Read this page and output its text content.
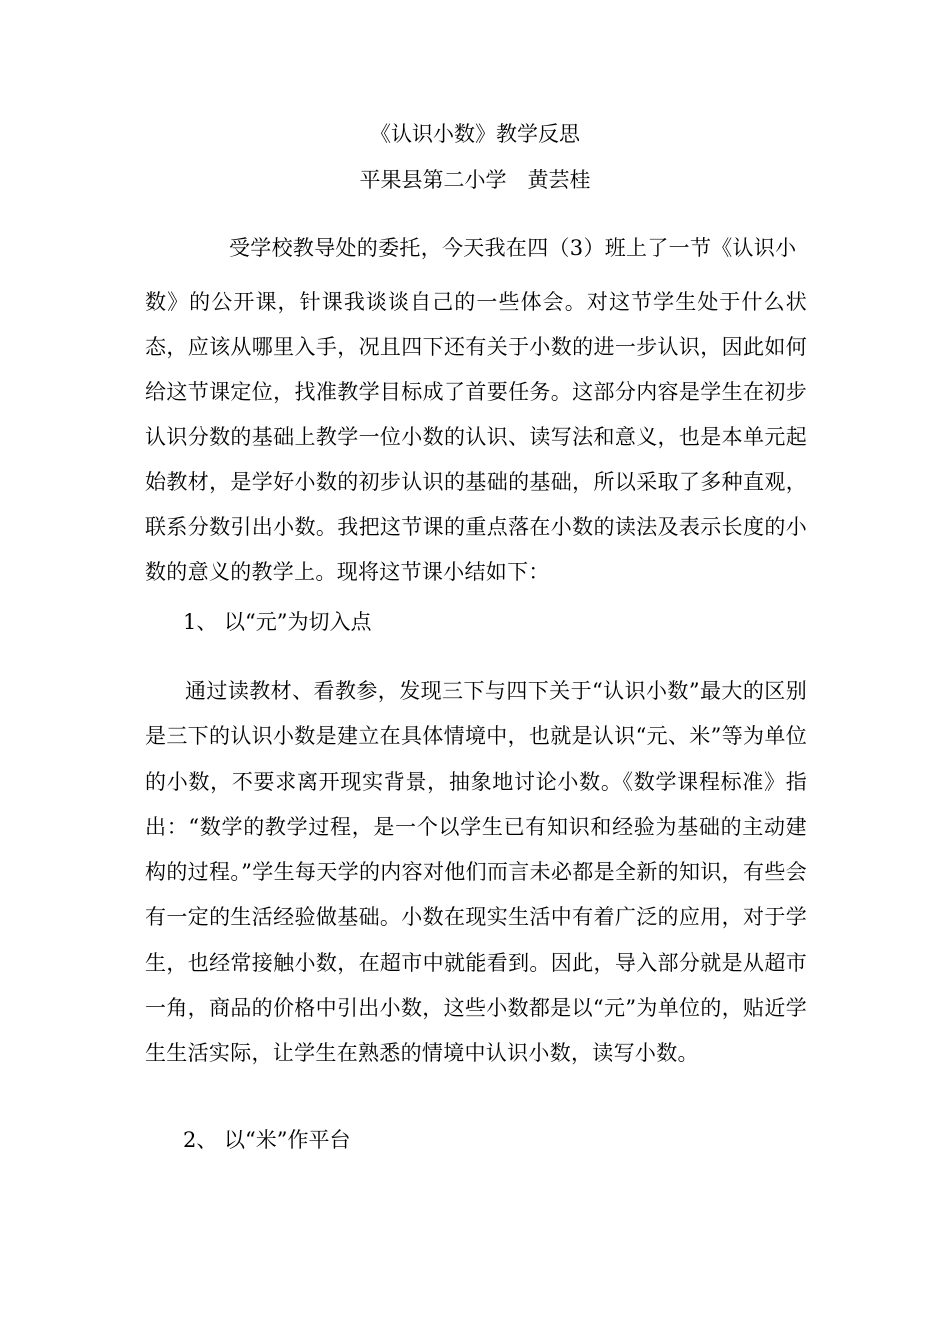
《认识小数》教学反思
平果县第二小学　黄芸桂
受学校教导处的委托，今天我在四（3）班上了一节《认识小
数》的公开课，针课我谈谈自己的一些体会。对这节学生处于什么状态，应该从哪里入手，况且四下还有关于小数的进一步认识，因此如何给这节课定位，找准教学目标成了首要任务。这部分内容是学生在初步认识分数的基础上教学一位小数的认识、读写法和意义，也是本单元起始教材，是学好小数的初步认识的基础的基础，所以采取了多种直观，联系分数引出小数。我把这节课的重点落在小数的读法及表示长度的小数的意义的教学上。现将这节课小结如下：
1、 以“元”为切入点
通过读教材、看教参，发现三下与四下关于“认识小数”最大的区别是三下的认识小数是建立在具体情境中，也就是认识“元、米”等为单位的小数，不要求离开现实背景，抽象地讨论小数。《数学课程标准》指出：“数学的教学过程，是一个以学生已有知识和经验为基础的主动建构的过程。”学生每天学的内容对他们而言未必都是全新的知识，有些会有一定的生活经验做基础。小数在现实生活中有着广泛的应用，对于学生，也经常接触小数，在超市中就能看到。因此，导入部分就是从超市一角，商品的价格中引出小数，这些小数都是以“元”为单位的，贴近学生生活实际，让学生在熟悉的情境中认识小数，读写小数。
2、 以“米”作平台
